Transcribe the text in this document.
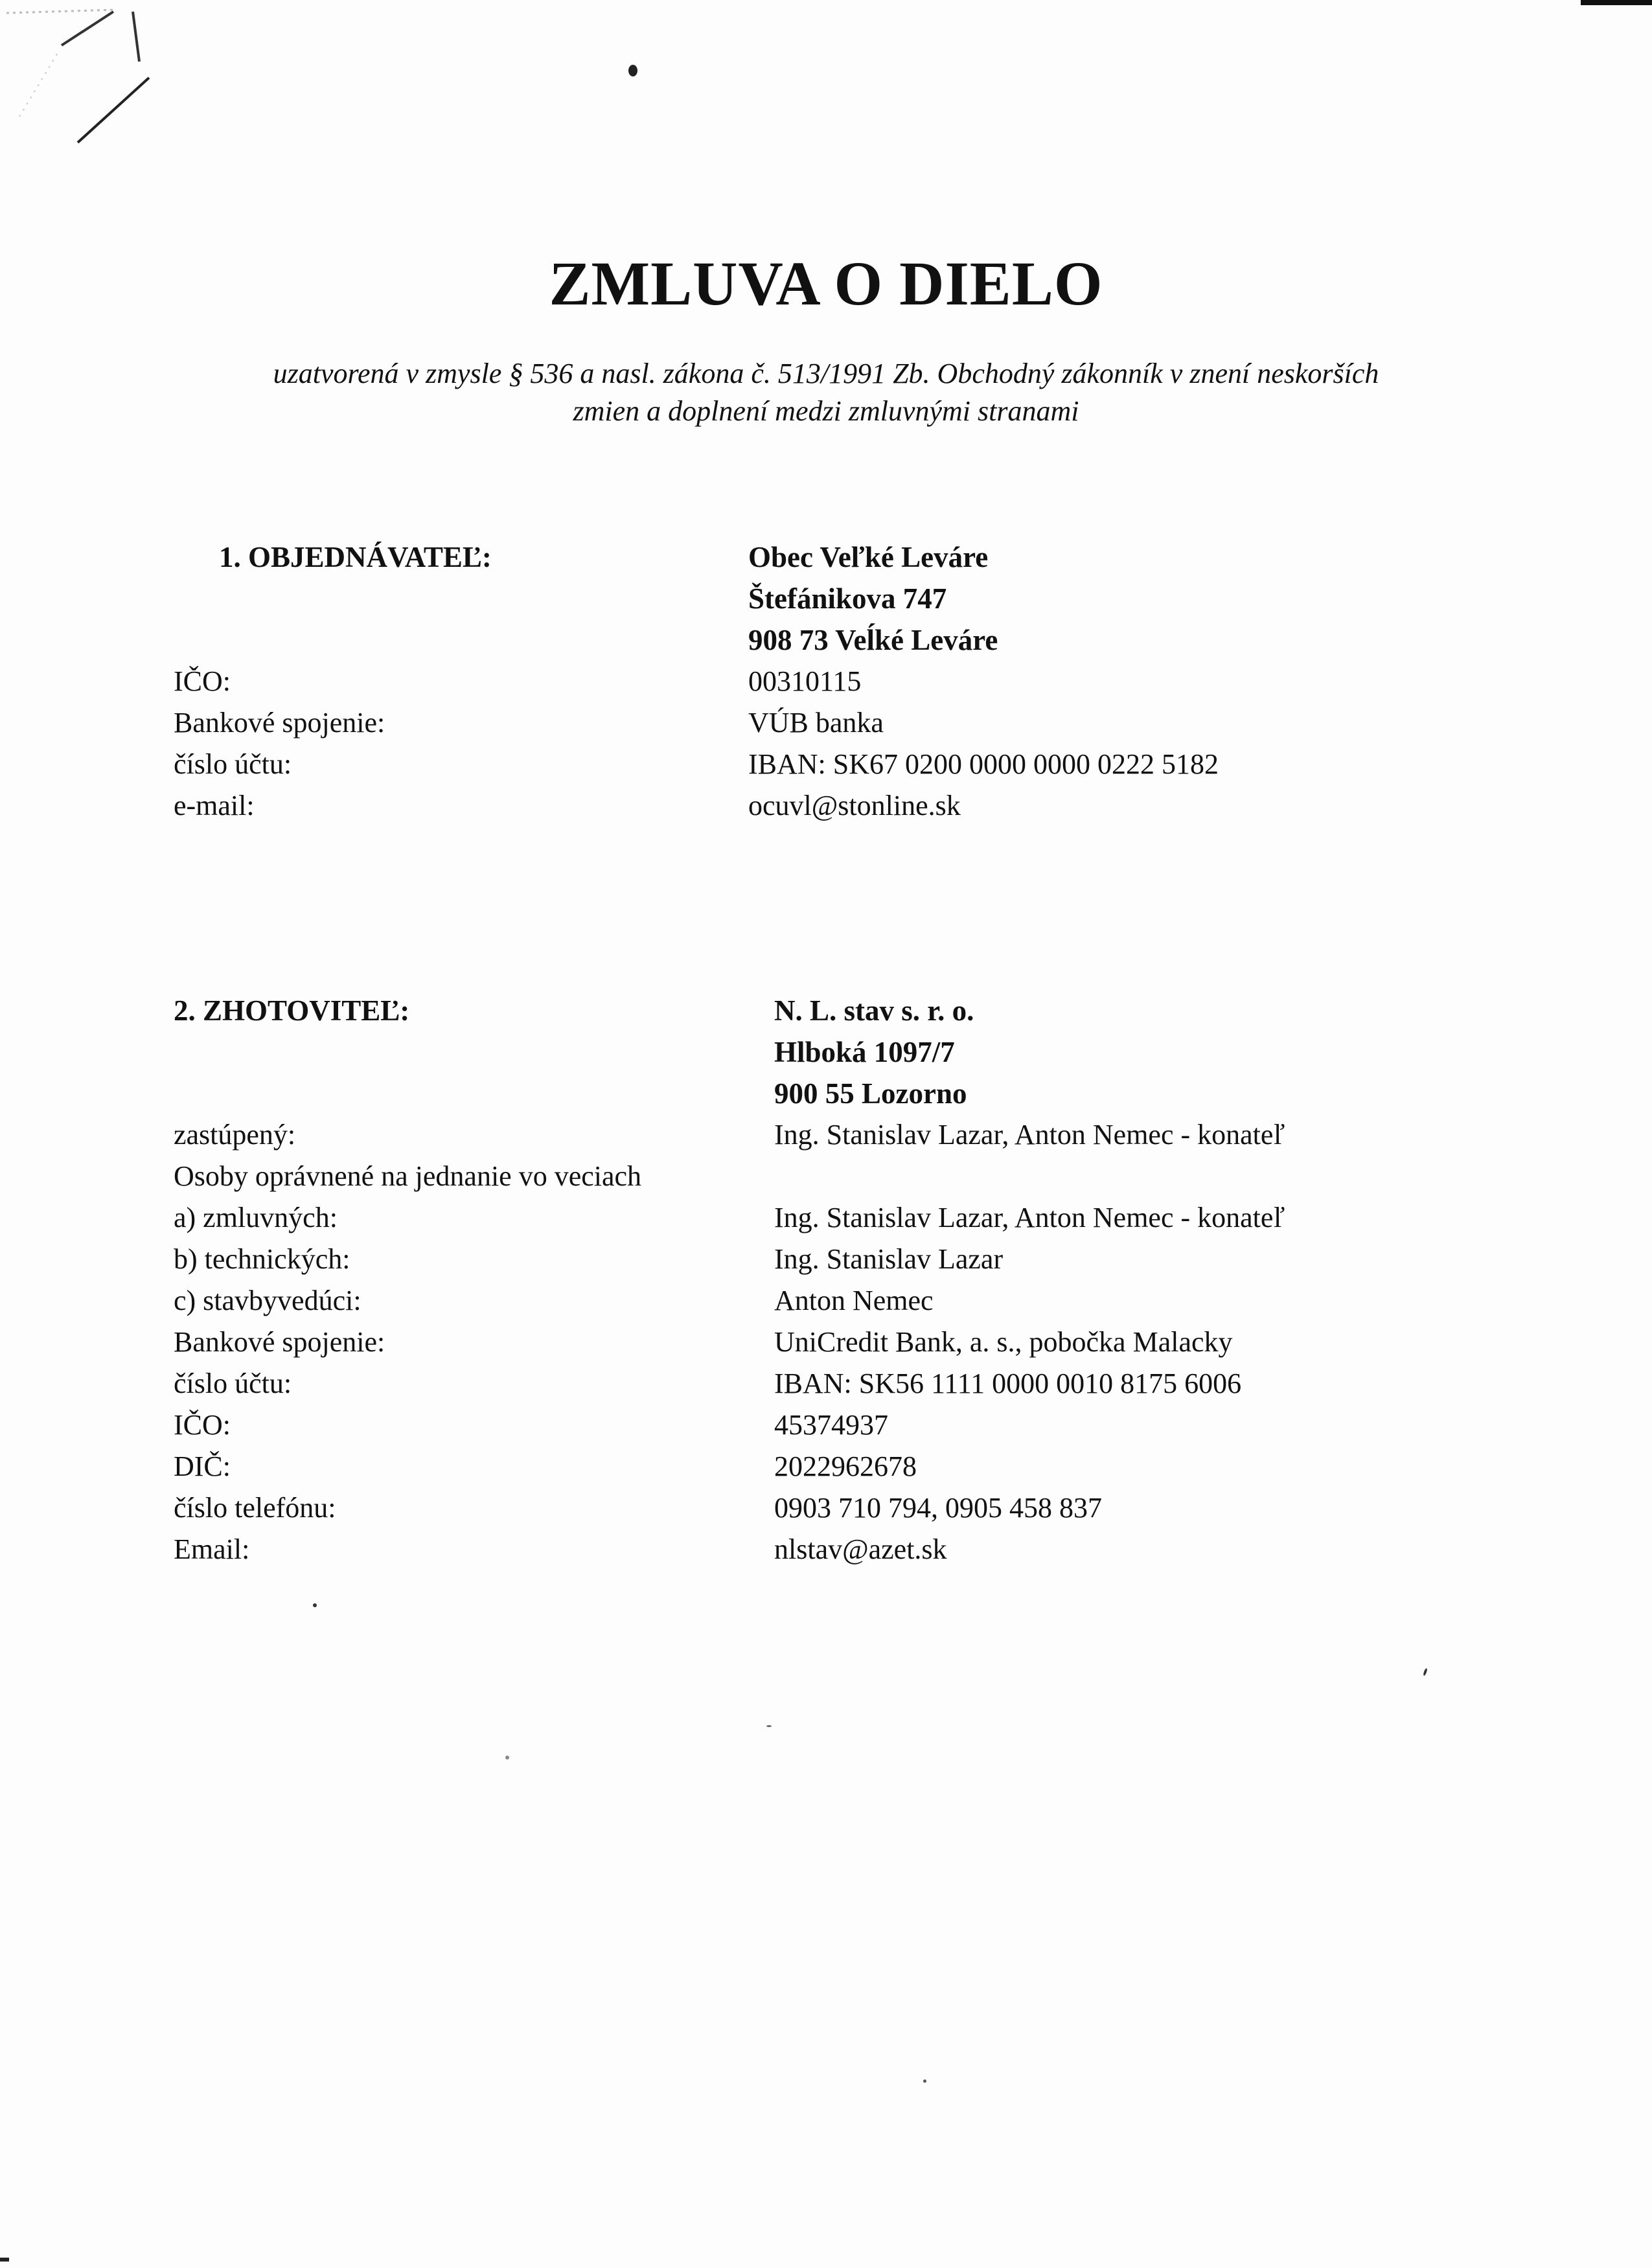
ZMLUVA O DIELO

uzatvorená v zmysle § 536 a nasl. zákona č. 513/1991 Zb. Obchodný zákonník v znení neskorších
zmien a doplnení medzi zmluvnými stranami

1. OBJEDNÁVATEĽ:	Obec Veľké Leváre
Štefánikova 747
908 73 Veĺké Leváre
IČO:	00310115
Bankové spojenie:	VÚB banka
číslo účtu:	IBAN: SK67 0200 0000 0000 0222 5182
e-mail:	ocuvl@stonline.sk
2. ZHOTOVITEĽ:	N. L. stav s. r. o.
Hlboká 1097/7
900 55 Lozorno
zastúpený:	Ing. Stanislav Lazar, Anton Nemec - konateľ
Osoby oprávnené na jednanie vo veciach
a) zmluvných:	Ing. Stanislav Lazar, Anton Nemec - konateľ
b) technických:	Ing. Stanislav Lazar
c) stavbyvedúci:	Anton Nemec
Bankové spojenie:	UniCredit Bank, a. s., pobočka Malacky
číslo účtu:	IBAN: SK56 1111 0000 0010 8175 6006
IČO:	45374937
DIČ:	2022962678
číslo telefónu:	0903 710 794, 0905 458 837
Email:	nlstav@azet.sk
